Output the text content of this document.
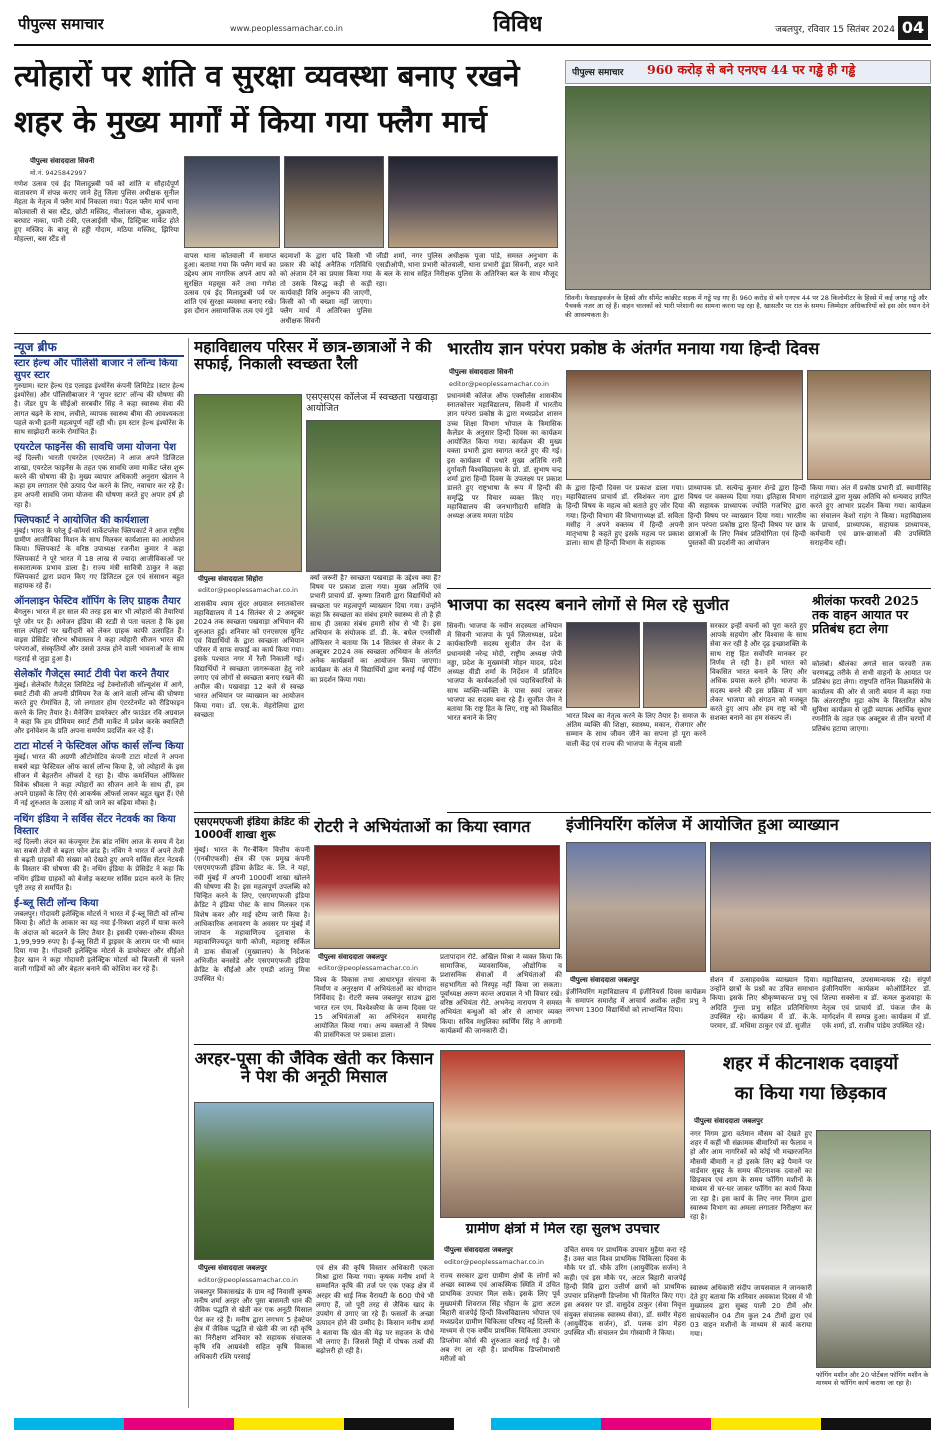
पीपुल्स समाचार	www.peoplessamachar.co.in	विविध	जबलपुर, रविवार 15 सितंबर 2024 04
त्योहारों पर शांति व सुरक्षा व्यवस्था बनाए रखने
शहर के मुख्य मार्गों में किया गया फ्लैग मार्च
पीपुल्स संवाददाता सिवनी
मो.नं. 9425842997
गणेश उत्सव एवं ईद मिलादुन्नबी पर्व को शांति व सौहार्दपूर्ण वातावरण में संपन्न कराए जाने हेतु जिला पुलिस अधीक्षक सुनील मेहता के नेतृत्व में फ्लैग मार्च निकाला गया। पैदल फ्लैग मार्च थाना कोतवाली से बस स्टैंड, छोटी मस्जिद, नीलांजना चौक, शुक्रवारी, बरघाट नाका, पानी टंकी, एलआईसी चौक, डिस्ट्रिक्ट मार्केट होते हुए मस्जिद के बाजू से हड्डी गोदाम, मठिया मस्जिद, झिरिया मोहल्ला, बस स्टैंड से
वापस थाना कोतवाली में समाप्त हुआ। बताया गया कि फ्लैग मार्च का उद्देश्य आम नागरिक अपने आप को सुरक्षित महसूस करें तथा गणेश उत्सव एवं ईद मिलादुन्नबी पर्व पर शांति एवं सुरक्षा व्यवस्था बनाए रखे। इस दौरान असामाजिक तत्व एवं गुंडे
बदमाशों के द्वारा यदि किसी भी प्रकार की कोई अनैतिक गतिविधि को अंजाम देने का प्रयास किया गया तो उसके विरुद्ध कड़ी से कड़ी कार्यवाही विधि अनुरूप की जाएगी, किसी को भी बख्शा नहीं जाएगा। फ्लैग मार्च में अतिरिक्त पुलिस अधीक्षक सिवनी
जीडी शर्मा, नगर पुलिस अधीक्षक पूजा पांडे, समस्त अनुभाग के एसडीओपी, थाना प्रभारी कोतवाली, थाना प्रभारी डूंडा सिवनी, शहर थाने के बल के साथ सहित निरीक्षक पुलिस के अतिरिक्त बल के साथ मौजूद रहा।
पीपुल्स समाचार	960 करोड़ से बने एनएच 44 पर गड्ढे ही गड्ढे
सिवनी। फेसडाइवर्जन के हिस्से और सीमेंट कांक्रीट सड़क में गड्ढे पड़ गए हैं। 960 करोड़ से बने एनएच 44 पर 28 किलोमीटर के हिस्से में कई जगह गड्ढे और पैचवर्क नजर आ रहे हैं। वाहन चालकों को भारी परेशानी का सामना करना पड़ रहा है, खासतौर पर रात के समय। जिम्मेदार अधिकारियों को इस ओर ध्यान देने की आवश्यकता है।
न्यूज ब्रीफ
स्टार हेल्थ और पॉलिसी बाजार ने लॉन्च किया सुपर स्टार
गुरुग्राम। स्टार हेल्थ एंड एलाइड इंश्योरेंस कंपनी लिमिटेड (स्टार हेल्थ इंश्योरेंस) और पॉलिसीबाजार ने 'सुपर स्टार' लॉन्च की घोषणा की है। जेंडर ग्रुप के सीईओ सरबवीर सिंह ने कहा स्वास्थ्य सेवा की लागत बढ़ने के साथ, लचीले, व्यापक स्वास्थ्य बीमा की आवश्यकता पहले कभी इतनी महत्वपूर्ण नहीं रही थी। हम स्टार हेल्थ इंश्योरेंस के साथ साझेदारी करके रोमांचित हैं।
एयरटेल फाइनेंस की सावधि जमा योजना पेश
नई दिल्ली। भारती एयरटेल (एयरटेल) ने आज अपने डिजिटल शाखा, एयरटेल फाइनेंस के तहत एक सावधि जमा मार्केट प्लेस शुरू करने की घोषणा की है। मुख्य व्यापार अधिकारी अनुराग खेतान ने कहा हम लगातार ऐसे उत्पाद पेश करने के लिए, नवाचार कर रहे हैं। हम अपनी सावधि जमा योजना की घोषणा करते हुए अपार हर्ष हो रहा है।
फ्लिपकार्ट ने आयोजित की कार्यशाला
मुंबई। भारत के घरेलू ई-कॉमर्स मार्केटप्लेस फ्लिपकार्ट ने आज राष्ट्रीय ग्रामीण आजीविका मिशन के साथ मिलकर कार्यशाला का आयोजन किया। फ्लिपकार्ट के वरिष्ठ उपाध्यक्ष रजनीश कुमार ने कहा फ्लिपकार्ट ने पूरे भारत में 18 लाख से ज्यादा आजीविकाओं पर सकारात्मक प्रभाव डाला है। राज्य मंत्री सावित्री ठाकुर ने कहा फ्लिपकार्ट द्वारा प्रदान किए गए डिजिटल टूल एवं संसाधन बहुत सहायक रहे हैं।
ऑनलाइन फेस्टिव शॉपिंग के लिए ग्राहक तैयार
बेंगलुरु। भारत में हर साल की तरह इस बार भी त्योहारों की तैयारियां पूरे जोर पर हैं। अमेजन इंडिया की स्टडी से पता चलता है कि इस साल त्योहारों पर खरीदारी को लेकर ग्राहक काफी उत्साहित हैं। वाइस प्रेसिडेंट सौरभ श्रीवास्तव ने कहा त्योहारी सीजन भारत की परंपराओं, संस्कृतियों और उससे उत्पन्न होने वाली भावनाओं के साथ गहराई से जुड़ा हुआ है।
सेलेकॉर गैजेट्स स्मार्ट टीवी पेश करने तैयार
मुंबई। सेलेकॉर गैजेट्स लिमिटेड नई टेक्नोलॉजी सॉल्यूशंस में आगे, स्मार्ट टीवी की अपनी प्रीमियम रेंज के आने वाली लॉन्च की घोषणा करते हुए रोमांचित है, जो लगातार होम एंटरटेनमेंट को रीडिफाइन करने के लिए तैयार है। मैनेजिंग डायरेक्टर और फाउंडर रवि अग्रवाल ने कहा कि हम प्रीमियम स्मार्ट टीवी मार्केट में प्रवेश करके क्वालिटी और इनोवेशन के प्रति अपना समर्पण प्रदर्शित कर रहे हैं।
टाटा मोटर्स ने फेस्टिवल ऑफ कार्स लॉन्च किया
मुंबई। भारत की अग्रणी ऑटोमोटिव कंपनी टाटा मोटर्स ने अपना सबसे बड़ा फेस्टिवल ऑफ कार्स लॉन्च किया है, जो त्योहारों के इस सीजन में बेहतरीन ऑफर्स दे रहा है। चीफ कमर्शियल ऑफिसर विवेक श्रीवत्स ने कहा त्योहारों का सीजन आने के साथ ही, हम अपने ग्राहकों के लिए ऐसे आकर्षक ऑफर्स लाकर बहुत खुश हैं। ऐसे में नई शुरुआत के उत्साह में खो जाने का बढ़िया मौका है।
नथिंग इंडिया ने सर्विस सेंटर नेटवर्क का किया विस्तार
नई दिल्ली। लंदन का कंज्यूमर टेक ब्रांड नथिंग आज के समय में देश का सबसे तेजी से बढ़ता फोन ब्रांड है। नथिंग ने भारत में अपने तेजी से बढ़ती ग्राहकों की संख्या को देखते हुए अपने सर्विस सेंटर नेटवर्क के विस्तार की घोषणा की है। नथिंग इंडिया के प्रेसिडेंट ने कहा कि नथिंग इंडिया ग्राहकों को बेजोड़ कस्टमर सर्विस प्रदान करने के लिए पूरी तरह से समर्पित है।
ई-ब्लू सिटी लॉन्च किया
जबलपुर। गोदावरी इलेक्ट्रिक मोटर्स ने भारत में ई-ब्लू सिटी को लॉन्च किया है। ऑटो के आकार का यह नया ई-रिक्शा शहरों में यात्रा करने के अंदाज को बदलने के लिए तैयार है। इसकी एक्स-शोरूम कीमत 1,99,999 रुपए है। ई-ब्लू सिटी में ड्राइवर के आराम पर भी ध्यान दिया गया है। गोदावरी इलेक्ट्रिक मोटर्स के डायरेक्टर और सीईओ हैदर खान ने कहा गोदावरी इलेक्ट्रिक मोटर्स को बिजली से चलने वाली गाड़ियों को और बेहतर बनाने की कोशिश कर रहे हैं।
महाविद्यालय परिसर में छात्र-छात्राओं ने की सफाई, निकाली स्वच्छता रैली
एसएसएस कॉलेज में स्वच्छता पखवाड़ा आयोजित
पीपुल्स संवाददाता सिहोरा
editor@peoplessamachar.co.in
शासकीय श्याम सुंदर अग्रवाल स्नातकोत्तर महाविद्यालय में 14 सितंबर से 2 अक्टूबर 2024 तक स्वच्छता पखवाड़ा अभियान की शुरुआत हुई। शनिवार को एनएसएस यूनिट एवं विद्यार्थियों के द्वारा स्वच्छता अभियान परिसर में साफ सफाई का कार्य किया गया। इसके पश्चात नगर में रैली निकाली गई। विद्यार्थियों ने स्वच्छता जागरूकता हेतु नारे लगाए एवं लोगों से स्वच्छता बनाए रखने की अपील की। पखवाड़ा 12 बजे से स्वच्छ भारत अभियान पर व्याख्यान का आयोजन किया गया। डॉ. एस.के. मेहरोलिया द्वारा स्वच्छता
क्यों जरूरी है? स्वच्छता पखवाड़ा के उद्देश्य क्या हैं? विषय पर प्रकाश डाला गया। मुख्य अतिथि एवं प्रभारी प्राचार्य डॉ. कृष्णा तिवारी द्वारा विद्यार्थियों को स्वच्छता पर महत्वपूर्ण व्याख्यान दिया गया। उन्होंने कहा कि स्वच्छता का संबंध हमारे स्वास्थ्य से तो है ही साथ ही उसका संबंध हमारी सोच से भी है। इस अभियान के संयोजक डॉ. डी. के. बघेल एनसीसी ऑफिसर ने बताया कि 14 सितंबर से लेकर के 2 अक्टूबर 2024 तक स्वच्छता अभियान के अंतर्गत अनेक कार्यक्रमों का आयोजन किया जाएगा। कार्यक्रम के अंत में विद्यार्थियों द्वारा बनाई गई पेंटिंग का प्रदर्शन किया गया।
भारतीय ज्ञान परंपरा प्रकोष्ठ के अंतर्गत मनाया गया हिन्दी दिवस
पीपुल्स संवाददाता सिवनी
editor@peoplessamachar.co.in
प्रधानमंत्री कॉलेज ऑफ एक्सीलेंस शासकीय स्नातकोत्तर महाविद्यालय, सिवनी में भारतीय ज्ञान परंपरा प्रकोष्ठ के द्वारा मध्यप्रदेश शासन उच्च शिक्षा विभाग भोपाल के त्रिमासिक कैलेंडर के अनुसार हिन्दी दिवस का कार्यक्रम आयोजित किया गया। कार्यक्रम की मुख्य वक्ता प्रभारी द्वारा स्वागत करते हुए की गई। इस कार्यक्रम में पधारे मुख्य अतिथि रानी दुर्गावती विश्वविद्यालय के प्रो. डॉ. सुभाष चन्द्र शर्मा द्वारा हिन्दी दिवस के उपलक्ष्य पर प्रकाश डालते हुए राष्ट्रभाषा के रूप में हिन्दी की समृद्धि पर विचार व्यक्त किए गए। महाविद्यालय की जनभागीदारी समिति के अध्यक्ष अजय ममता पांडेय
के द्वारा हिन्दी दिवस पर प्रकाश डाला गया। महाविद्यालय प्राचार्य डॉ. रविशंकर नाग द्वारा हिन्दी विषय के महत्व को बताते हुए जोर दिया गया। हिन्दी विभाग की विभागाध्यक्ष डॉ. सविता मसीह ने अपने वक्तव्य में हिन्दी अपनी मातृभाषा है कहते हुए इसके महत्व पर प्रकाश डाला। साथ ही हिन्दी विभाग के सहायक
प्राध्यापक प्रो. सत्येन्द्र कुमार शेन्डे द्वारा हिन्दी विषय पर वक्तव्य दिया गया। इतिहास विभाग की सहायक प्राध्यापक ज्योति गजभिए द्वारा हिन्दी विषय पर व्याख्यान दिया गया। भारतीय ज्ञान परंपरा प्रकोष्ठ द्वारा हिन्दी विषय पर छात्र छात्राओं के लिए निबंध प्रतियोगिता एवं हिन्दी पुस्तकों की प्रदर्शनी का आयोजन
किया गया। अंत में प्रकोष्ठ प्रभारी डॉ. स्वामीसिंह राहंगडाले द्वारा मुख्य अतिथि को धन्यवाद ज्ञापित करते हुए आभार प्रदर्शन किया गया। कार्यक्रम का संचालन केशो राहंग ने किया। महाविद्यालय के प्राचार्य, प्राध्यापक, सहायक प्राध्यापक, कर्मचारी एवं छात्र-छात्राओं की उपस्थिति सराहनीय रही।
भाजपा का सदस्य बनाने लोगों से मिल रहे सुजीत
सिवनी। भाजपा के नवीन सदस्यता अभियान में सिवनी भाजपा के पूर्व जिलाध्यक्ष, प्रदेश कार्यकारिणी सदस्य सुजीत जैन देश के प्रधानमंत्री नरेन्द्र मोदी, राष्ट्रीय अध्यक्ष जेपी नड्डा, प्रदेश के मुख्यमंत्री मोहन यादव, प्रदेश अध्यक्ष वीडी शर्मा के निर्देशन में प्रतिदिन भाजपा के कार्यकर्ताओं एवं पदाधिकारियों के साथ व्यक्ति-व्यक्ति के पास स्वयं जाकर भाजपा का सदस्य बना रहे हैं। सुजीत जैन ने बताया कि राष्ट्र हित के लिए, राष्ट्र को विकसित भारत बनाने के लिए	भारत विश्व का नेतृत्व करने के लिए तैयार है। समाज के अंतिम व्यक्ति की शिक्षा, स्वास्थ्य, मकान, रोजगार और सम्मान के साथ जीवन जीने का सपना हो पूरा करने वाली केंद्र एवं राज्य की भाजपा के नेतृत्व वाली
सरकार इन्हीं वचनों को पूरा करते हुए आपके सहयोग और विश्वास के साथ सेवा कर रही है और दृढ़ इच्छाशक्ति के साथ राष्ट्र हित सर्वोपरि मानकर हर निर्णय ले रही है। हमें भारत को विकसित भारत बनाने के लिए और अधिक प्रयास करने होंगे। भाजपा के सदस्य बनने की इस प्रक्रिया में भाग लेकर भाजपा को संगठन को मजबूत करते हुए आप और हम राष्ट्र को भी सशक्त बनाने का हम संकल्प लें।
श्रीलंका फरवरी 2025 तक वाहन आयात पर प्रतिबंध हटा लेगा
कोलंबो। श्रीलंका अगले साल फरवरी तक चरणबद्ध तरीके से सभी वाहनों के आयात पर प्रतिबंध हटा लेगा। राष्ट्रपति रानिल विक्रमसिंघे के कार्यालय की ओर से जारी बयान में कहा गया कि अंतरराष्ट्रीय मुद्रा कोष के विस्तारित कोष सुविधा कार्यक्रम से जुड़ी व्यापक आर्थिक सुधार रणनीति के तहत एक अक्टूबर से तीन चरणों में प्रतिबंध हटाया जाएगा।
एसएमएफजी इंडिया क्रेडिट की 1000वीं शाखा शुरू
मुंबई। भारत के गैर-बैंकिंग वित्तीय कंपनी (एनबीएफसी) क्षेत्र की एक प्रमुख कंपनी एसएमएफजी इंडिया क्रेडिट कं. लि. ने यहां, नवी मुंबई में अपनी 1000वीं शाखा खोलने की घोषणा की है। इस महत्वपूर्ण उपलब्धि को चिन्हित करने के लिए, एसएमएफजी इंडिया क्रेडिट ने इंडिया पोस्ट के साथ मिलकर एक विशेष कवर और माई स्टैम्प जारी किया है। आधिकारिक अनावरण के अवसर पर मुंबई में जापान के महावाणिज्य दूतावास के महावाणिज्यदूत यागी कोजी, महाराष्ट्र सर्किल में डाक सेवाओं (मुख्यालय) के निदेशक अभिजीत बनसोडे और एसएमएफजी इंडिया क्रेडिट के सीईओ और एमडी शांतनु मित्रा उपस्थित थे।
रोटरी ने अभियंताओं का किया स्वागत
पीपुल्स संवाददाता जबलपुर
editor@peoplessamachar.co.in
विश्व के विकास तथा आधारभूत संरचना के निर्माण व अनुरक्षण में अभियंताओं का योगदान निर्विवाद है। रोटरी क्लब जबलपुर साउथ द्वारा भारत रत्न एम. विश्वेश्वरैया के जन्म दिवस पर 15 अभियंताओं का अभिनंदन समारोह आयोजित किया गया। अन्य वक्ताओं ने विषय की प्रासंगिकता पर प्रकाश डाला।
प्रतापादान रोटे. अखिल मिश्रा ने व्यक्त किया कि सामाजिक, व्यावसायिक, औद्योगिक व प्रशासनिक सेवाओं में अभियंताओं की सहभागिता को निस्पृह नहीं किया जा सकता। पूर्वाध्यक्ष अरुण कान्त अग्रवाल ने भी विचार रखे। वरिष्ठ अभियंता रोटे. अभनेन्द्र नारायण ने समस्त अभियंता बन्धुओं को ओर से आभार व्यक्त किया। सचिव मधुलिका स्वर्णिम सिंह ने आगामी कार्यक्रमों की जानकारी दी।
इंजीनियरिंग कॉलेज में आयोजित हुआ व्याख्यान
पीपुल्स संवाददाता जबलपुर
इंजीनियरिंग महाविद्यालय में इंजीनियर्स दिवस कार्यक्रम के समापन समारोह में आचार्य अशोक लहीरा प्रभु ने लगभग 1300 विद्यार्थियों को लाभान्वित दिया।
सेशन में उत्साहवर्धक व्याख्यान दिया। उन्होंने छात्रों के प्रश्नों का उचित समाधान किया। इसके लिए श्रीकृष्णकान्त प्रभु एवं अदिति गुन्ता प्रभु सहित प्रतिनिधिगण उपस्थित रहे। कार्यक्रम में डॉ. के.के. परमार, डॉ. मधिमा ठाकुर एवं डॉ. सुजीत
महाविद्यालय, उपसम्मन्वयक रहे। संपूर्ण इंजीनियरिंग कार्यक्रम कोऑर्डिनेटर डॉ. शिल्पा सक्सेना व डॉ. कमल कुशवाहा के नेतृत्व एवं प्राचार्य डॉ. पंकज जैन के मार्गदर्शन में सम्पन्न हुआ। कार्यक्रम में डॉ. एके शर्मा, डॉ. राजीव पांडेय उपस्थित रहे।
अरहर-पूसा की जैविक खेती कर किसान ने पेश की अनूठी मिसाल
पीपुल्स संवाददाता जबलपुर
editor@peoplessamachar.co.in
जबलपुर विकासखंड के ग्राम नर्ई निवासी कृषक मनीष शर्मा अरहर और पूसा बासमती धान की जैविक पद्धति से खेती कर एक अनूठी मिसाल पेश कर रहे हैं। मनीष द्वारा लगभग 5 हेक्टेयर क्षेत्र में जैविक पद्धति से खेती की जा रही कृषि का निरीक्षण शनिवार को सहायक संचालक कृषि रवि आम्रवंशी सहित कृषि विकास अधिकारी रश्मि परसाई
एवं क्षेत्र की कृषि विस्तार अधिकारी एकता मिश्रा द्वारा किया गया। कृषक मनीष शर्मा ने सम्मानित कृषि की तर्ज पर एक एकड़ क्षेत्र में अरहर की धाई निक वैरायटी के 600 पौधे भी लगाए हैं, जो पूरी तरह से जैविक खाद के उपयोग से उगाए जा रहे हैं। फसलों के अच्छा उत्पादन होने की उम्मीद है। किसान मनीष शर्मा ने बताया कि खेत की मेढ़ पर सहजन के पौधे भी लगाए हैं। जिससे मिट्टी में पोषक तत्वों की बढ़ोत्तरी हो रही है।
ग्रामीण क्षेत्रों में मिल रहा सुलभ उपचार
पीपुल्स संवाददाता जबलपुर
editor@peoplessamachar.co.in
राज्य सरकार द्वारा ग्रामीण क्षेत्रों के लोगों को अच्छा स्वास्थ्य एवं आकस्मिक स्थिति में उचित प्राथमिक उपचार मिल सके। इसके लिए पूर्व मुख्यमंत्री शिवराज सिंह चौहान के द्वारा अटल बिहारी वाजपेई हिन्दी विश्वविद्यालय भोपाल एवं मध्यप्रदेश ग्रामीण चिकित्सा परिषद नई दिल्ली के माध्यम से एक वर्षीय प्राथमिक चिकित्सा उपचार डिप्लोमा कोर्स की शुरुआत कराई गई है। जो अब रंग ला रही है। प्राथमिक डिप्लोमाधारी मरीजों को
उचित समय पर प्राथमिक उपचार मुहैया करा रहे हैं। उक्त बात विश्व प्राथमिक चिकित्सा दिवस के मौके पर डॉ. चौके उरिंग (आयुर्वेदिक सर्जन) ने कही। एवं इस मौके पर, अटल बिहारी वाजपेई हिन्दी विवि द्वारा उत्तीर्ण छात्रों को प्राथमिक उपचार प्रशिक्षणी डिप्लोमा भी वितरित किए गए। इस अवसर पर डॉ. वासुदेव ठाकुर (सेवा निवृत्त संयुक्त संचालक स्वास्थ्य सेवा), डॉ. समीर मेहरा (आयुर्वेदिक सर्जन), डॉ. पलक डांग मेहरा उपस्थित थीं। संचालन प्रेम गोस्वामी ने किया।
शहर में कीटनाशक दवाइयों
का किया गया छिड़काव
पीपुल्स संवाददाता जबलपुर
नगर निगम द्वारा वर्तमान मौसम को देखते हुए शहर में कहीं भी संक्रामक बीमारियों का फैलाव न हो और आम नागरिकों को कोई भी मच्छरजनित मौसमी बीमारी न हो इसके लिए बड़े पैमाने पर वार्डवार सुबह के समय कीटनाशक दवाओं का छिड़काव एवं शाम के समय फॉगिंग मशीनों के माध्यम से घर-घर जाकर फॉगिंग का कार्य किया जा रहा है। इस कार्य के लिए नगर निगम द्वारा स्वास्थ्य विभाग का अमला लगातार निरीक्षण कर रहा है।
स्वास्थ्य अधिकारी संदीप जायसवाल ने जानकारी देते हुए बताया कि शनिवार अवकाश दिवस में भी मुख्यालय द्वारा सुबह पाली 20 टीमें और सायंकालीन 04 टीम कुल 24 टीमों द्वारा एवं 03 वाहन मशीनों के माध्यम से कार्य कराया गया।
फॉगिंग मशीन और 20 पोर्टेबल फॉगिंग मशीन के माध्यम से फॉगिंग कार्य कराया जा रहा है।
